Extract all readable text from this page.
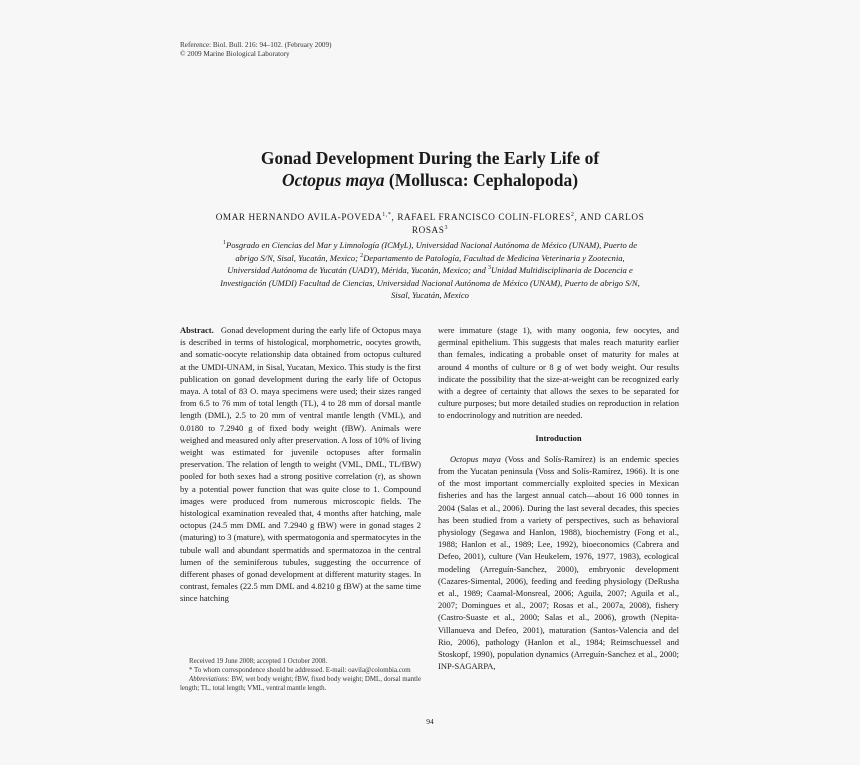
Reference: Biol. Bull. 216: 94–102. (February 2009)
© 2009 Marine Biological Laboratory
Gonad Development During the Early Life of
Octopus maya (Mollusca: Cephalopoda)
OMAR HERNANDO AVILA-$POVEDA^{1,*}$, RAFAEL FRANCISCO COLIN-FLORES$^2$, AND CARLOS ROSAS$^3$
$^1$Posgrado en Ciencias del Mar y Limnología (ICMyL), Universidad Nacional Autónoma de México (UNAM), Puerto de abrigo S/N, Sisal, Yucatán, Mexico; $^2$Departamento de Patología, Facultad de Medicina Veterinaria y Zootecnia, Universidad Autónoma de Yucatán (UADY), Mérida, Yucatán, Mexico; and $^3$Unidad Multidisciplinaria de Docencia e Investigación (UMDI) Facultad de Ciencias, Universidad Nacional Autónoma de México (UNAM), Puerto de abrigo S/N, Sisal, Yucatán, Mexico

Abstract. Gonad development during the early life of Octopus maya is described in terms of histological, morphometric, oocytes growth, and somatic-oocyte relationship data obtained from octopus cultured at the UMDI-UNAM, in Sisal, Yucatan, Mexico. This study is the first publication on gonad development during the early life of Octopus maya. A total of 83 O. maya specimens were used; their sizes ranged from 6.5 to 76 mm of total length (TL), 4 to 28 mm of dorsal mantle length (DML), 2.5 to 20 mm of ventral mantle length (VML), and 0.0180 to 7.2940 g of fixed body weight (fBW). Animals were weighed and measured only after preservation. A loss of 10% of living weight was estimated for juvenile octopuses after formalin preservation. The relation of length to weight (VML, DML, TL/fBW) pooled for both sexes had a strong positive correlation (r), as shown by a potential power function that was quite close to 1. Compound images were produced from numerous microscopic fields. The histological examination revealed that, 4 months after hatching, male octopus (24.5 mm DML and 7.2940 g fBW) were in gonad stages 2 (maturing) to 3 (mature), with spermatogonia and spermatocytes in the tubule wall and abundant spermatids and spermatozoa in the central lumen of the seminiferous tubules, suggesting the occurrence of different phases of gonad development at different maturity stages. In contrast, females (22.5 mm DML and 4.8210 g fBW) at the same time since hatching

were immature (stage 1), with many oogonia, few oocytes, and germinal epithelium. This suggests that males reach maturity earlier than females, indicating a probable onset of maturity for males at around 4 months of culture or 8 g of wet body weight. Our results indicate the possibility that the size-at-weight can be recognized early with a degree of certainty that allows the sexes to be separated for culture purposes; but more detailed studies on reproduction in relation to endocrinology and nutrition are needed.

Introduction

Octopus maya (Voss and Solís-Ramírez) is an endemic species from the Yucatan peninsula (Voss and Solís-Ramírez, 1966). It is one of the most important commercially exploited species in Mexican fisheries and has the largest annual catch—about 16 000 tonnes in 2004 (Salas et al., 2006). During the last several decades, this species has been studied from a variety of perspectives, such as behavioral physiology (Segawa and Hanlon, 1988), biochemistry (Fong et al., 1988; Hanlon et al., 1989; Lee, 1992), bioeconomics (Cabrera and Defeo, 2001), culture (Van Heukelem, 1976, 1977, 1983), ecological modeling (Arreguín-Sanchez, 2000), embryonic development (Cazares-Simental, 2006), feeding and feeding physiology (DeRusha et al., 1989; Caamal-Monsreal, 2006; Aguila, 2007; Aguila et al., 2007; Domingues et al., 2007; Rosas et al., 2007a, 2008), fishery (Castro-Suaste et al., 2000; Salas et al., 2006), growth (Nepita-Villanueva and Defeo, 2001), maturation (Santos-Valencia and del Rio, 2006), pathology (Hanlon et al., 1984; Reimschuessel and Stoskopf, 1990), population dynamics (Arreguín-Sanchez et al., 2000; INP-SAGARPA,

Received 19 June 2008; accepted 1 October 2008.

* To whom correspondence should be addressed. E-mail: oavila@colombia.com

Abbreviations: BW, wet body weight; fBW, fixed body weight; DML, dorsal mantle length; TL, total length; VML, ventral mantle length.

94
